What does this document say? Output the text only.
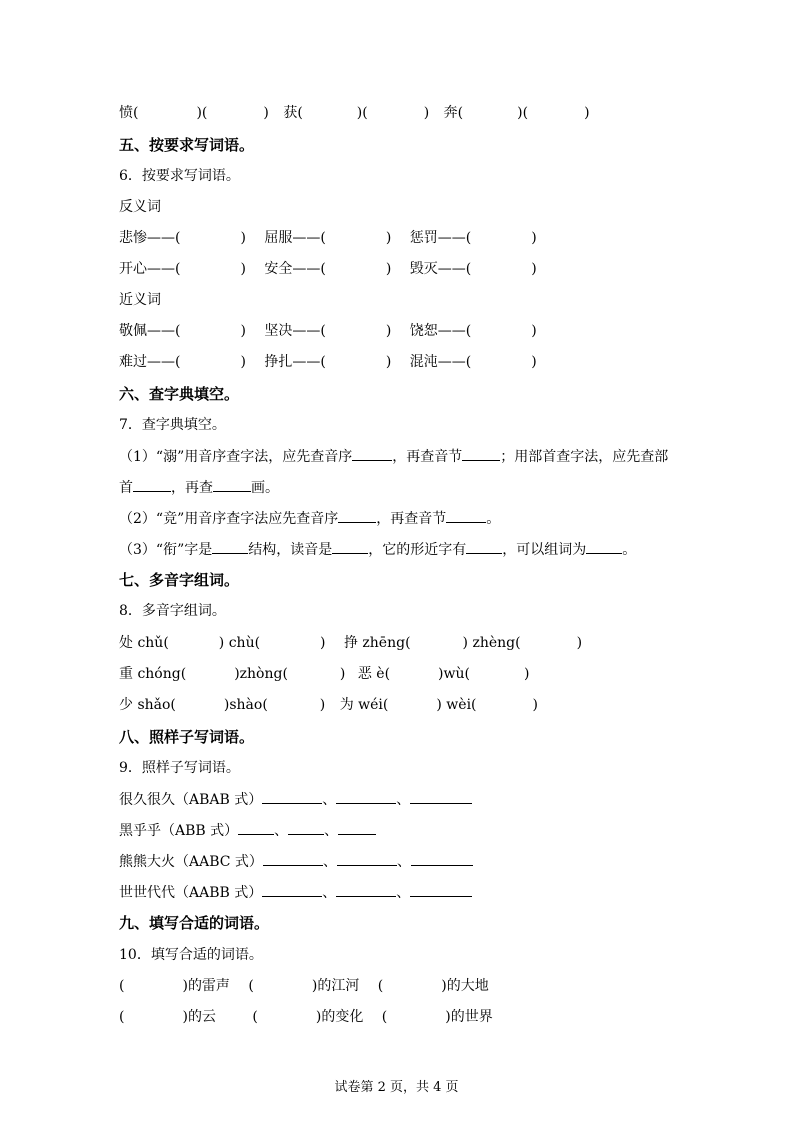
愤(	)(	) 获(	)(	) 奔(	)(	)
五、按要求写词语。
6．按要求写词语。
反义词
悲惨——(	) 屈服——(	) 惩罚——(	)
开心——(	) 安全——(	) 毁灭——(	)
近义词
敬佩——(	) 坚决——(	) 饶恕——(	)
难过——(	) 挣扎——(	) 混沌——(	)
六、查字典填空。
7．查字典填空。
（1）“溺”用音序查字法，应先查音序	，再查音节	；用部首查字法，应先查部
首	，再查	画。
（2）“竞”用音序查字法应先查音序	，再查音节	。
（3）“衔”字是	结构，读音是	，它的形近字有	，可以组词为	。
七、多音字组词。
8．多音字组词。
处 chǔ(	) chù(	) 挣 zhēng(	) zhèng(	)
重 chóng(	)zhòng(	) 恶 è(	)wù(	)
少 shǎo(	)shào(	) 为 wéi(	) wèi(	)
八、照样子写词语。
9．照样子写词语。
很久很久（ABAB 式）	、	、
黑乎乎（ABB 式）	、	、
熊熊大火（AABC 式）	、	、
世世代代（AABB 式）	、	、
九、填写合适的词语。
10．填写合适的词语。
(	)的雷声 (	)的江河 (	)的大地
(	)的云	(	)的变化 (	)的世界
试卷第 2 页，共 4 页
